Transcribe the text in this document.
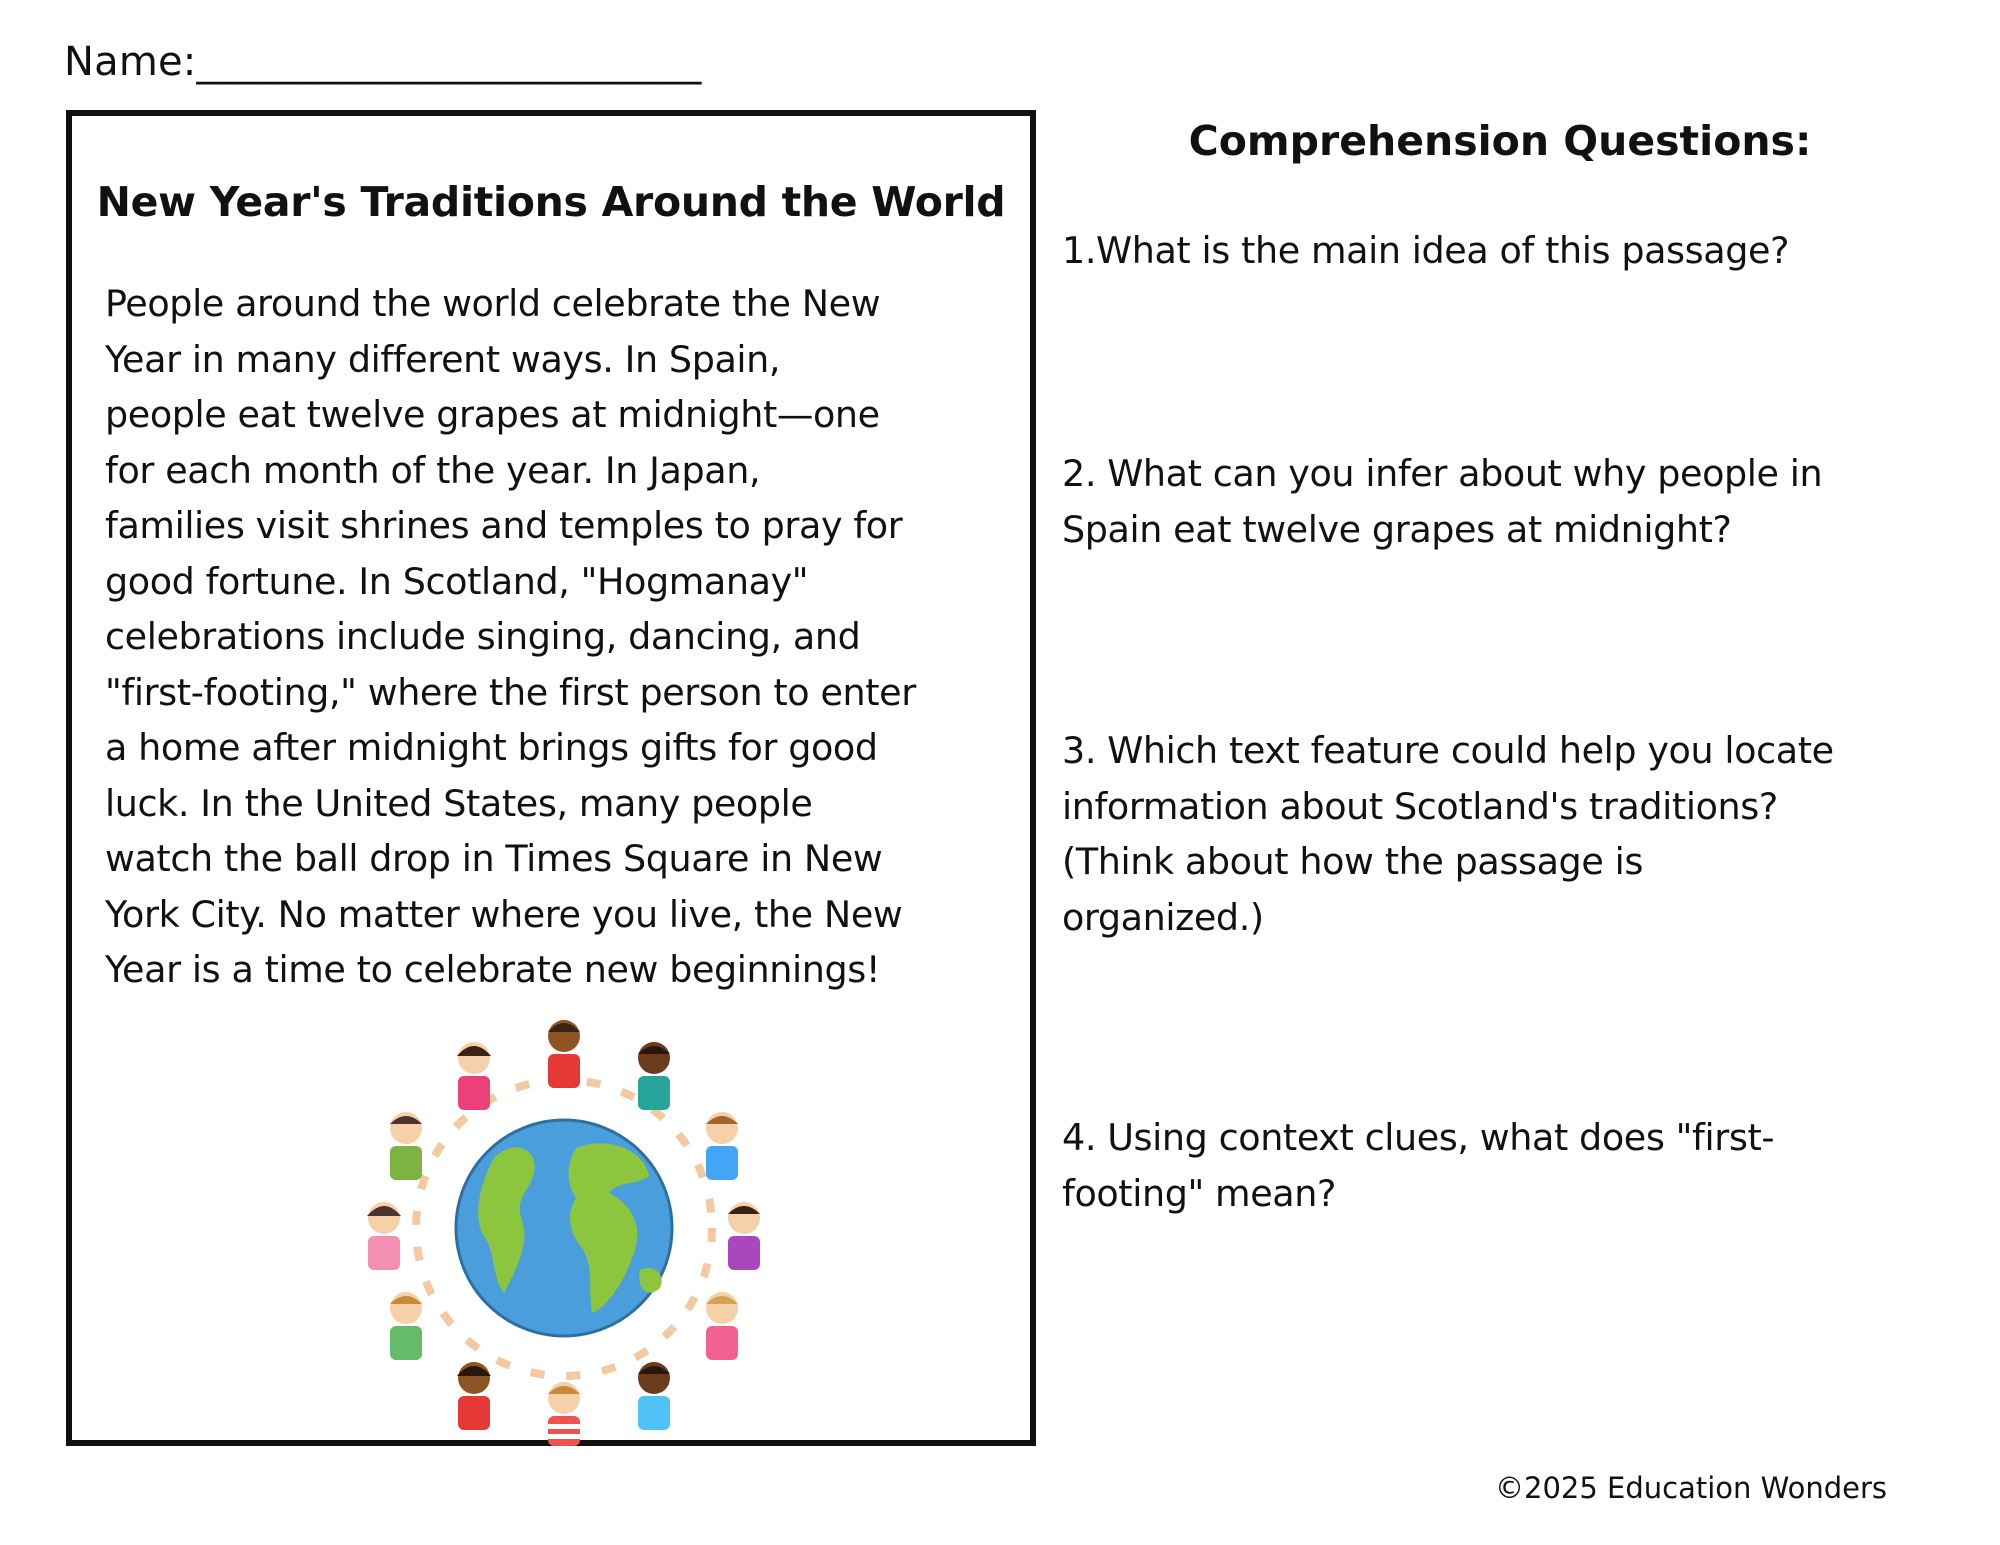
Name:_________________________
New Year's Traditions Around the World

People around the world celebrate the New
Year in many different ways. In Spain,
people eat twelve grapes at midnight—one
for each month of the year. In Japan,
families visit shrines and temples to pray for
good fortune. In Scotland, "Hogmanay"
celebrations include singing, dancing, and
"first-footing," where the first person to enter
a home after midnight brings gifts for good
luck. In the United States, many people
watch the ball drop in Times Square in New
York City. No matter where you live, the New
Year is a time to celebrate new beginnings!

Comprehension Questions:

1.What is the main idea of this passage?

2. What can you infer about why people in
Spain eat twelve grapes at midnight?

3. Which text feature could help you locate
information about Scotland's traditions?
(Think about how the passage is
organized.)

4. Using context clues, what does "first-
footing" mean?

©2025 Education Wonders
